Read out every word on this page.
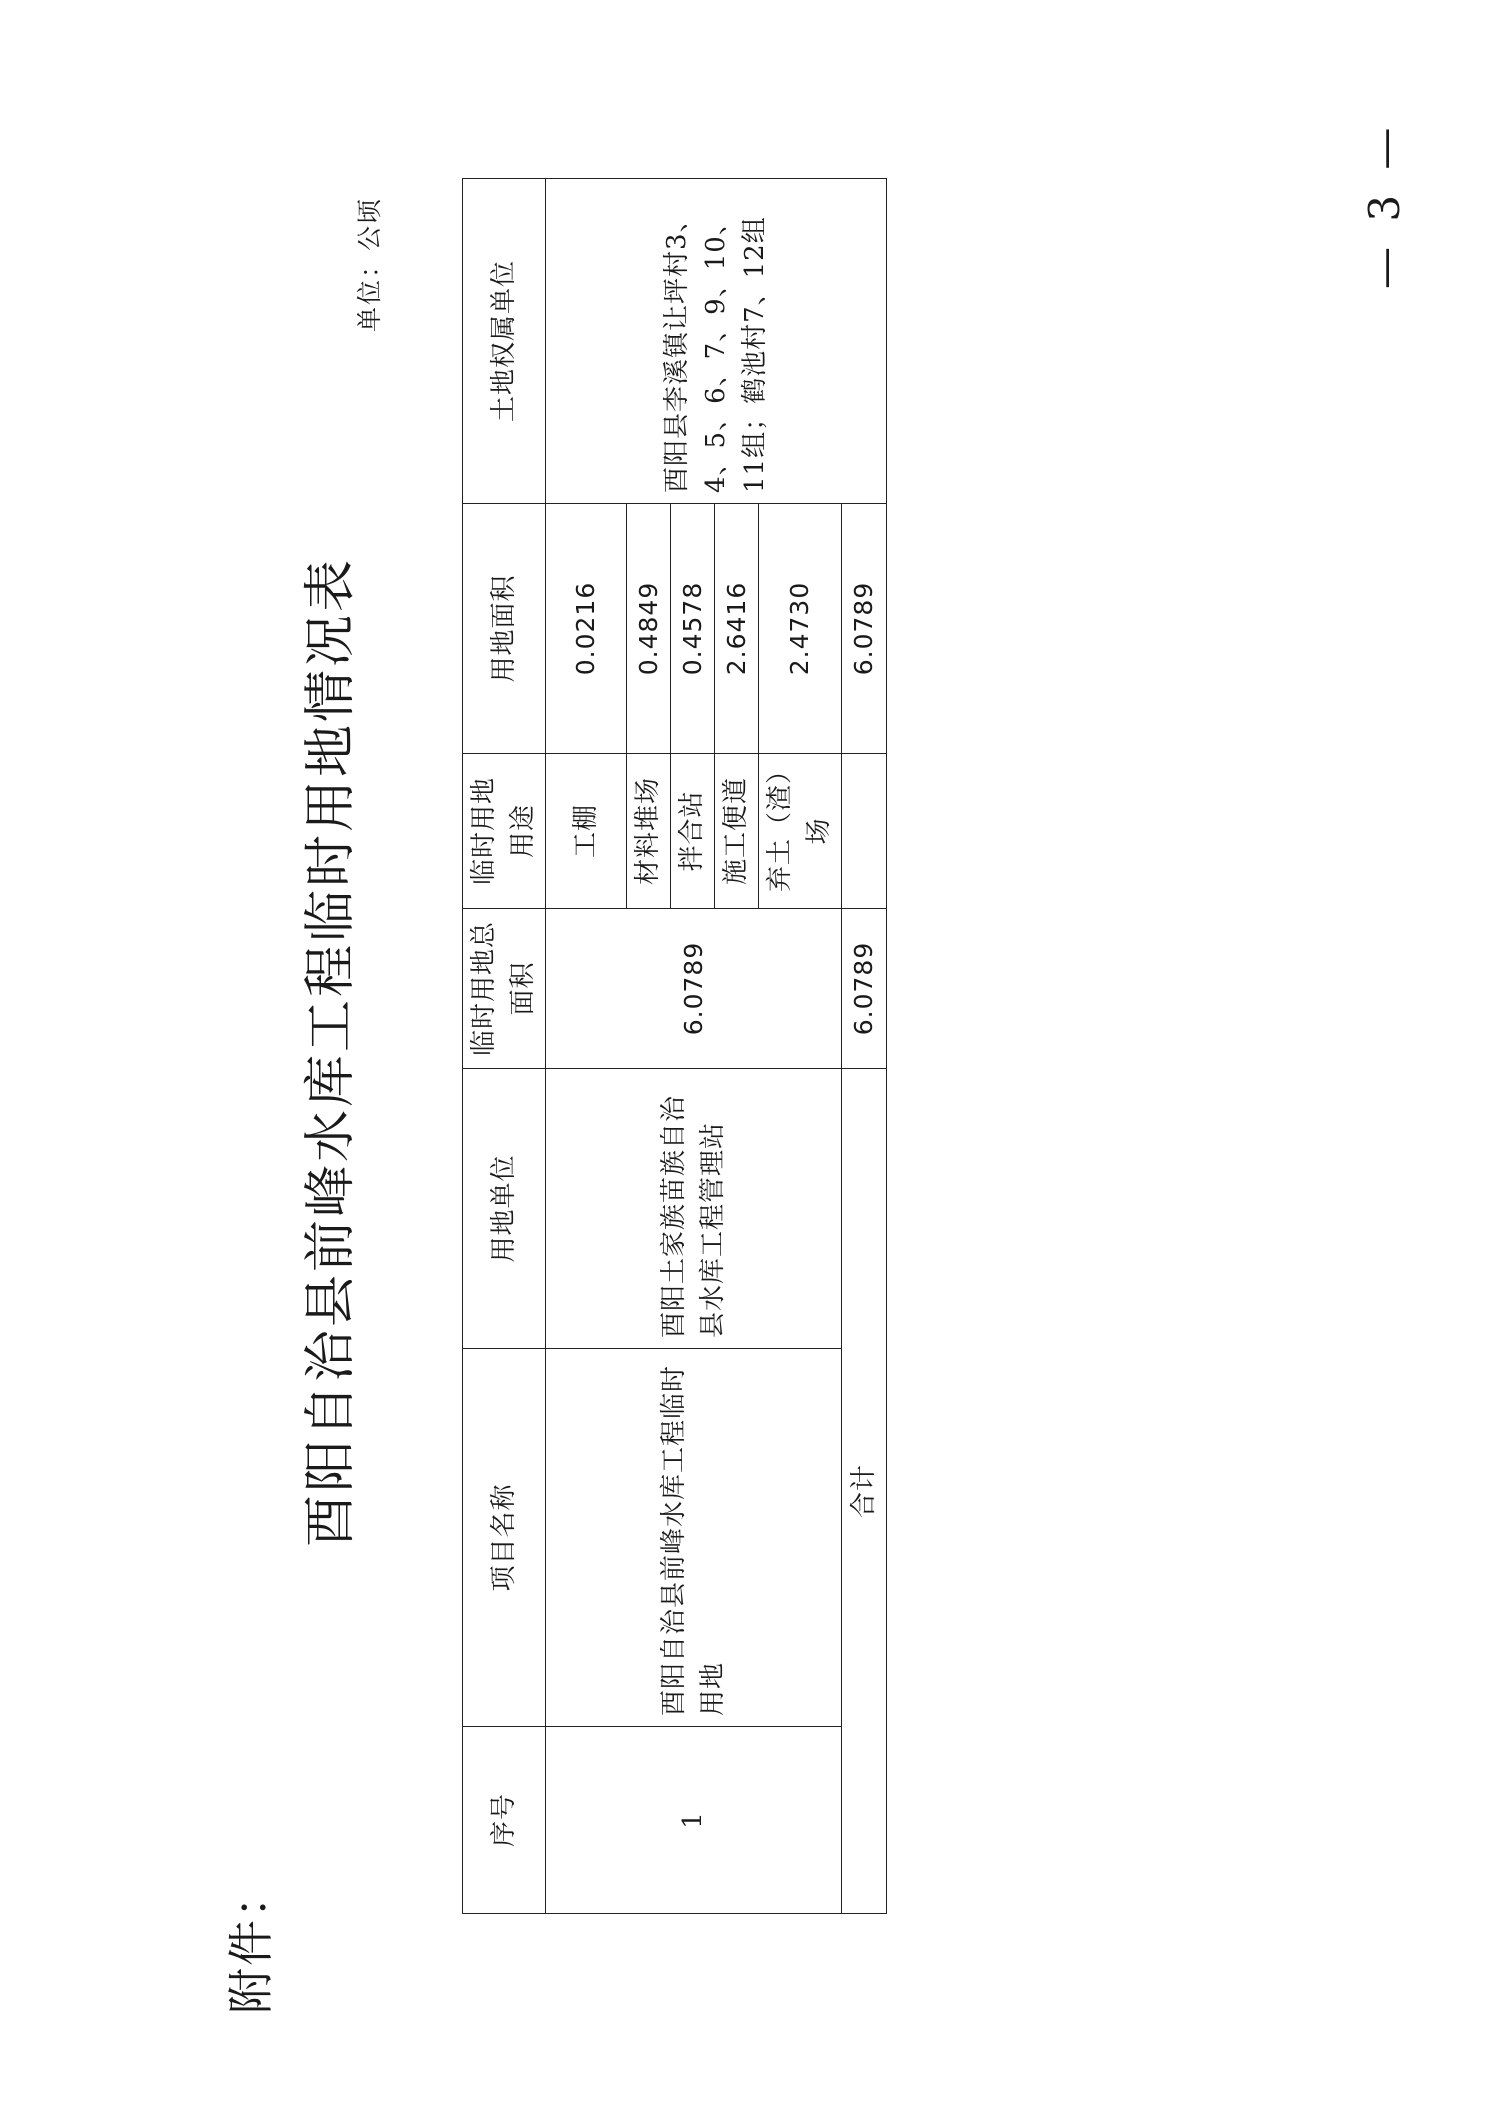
附件：
酉阳自治县前峰水库工程临时用地情况表
单位：公顷	— 3 —
序号	项目名称	用地单位	临时用地总面积	临时用地用途	用地面积	土地权属单位
1	酉阳自治县前峰水库工程临时用地	酉阳土家族苗族自治县水库工程管理站	6.0789	工棚	0.0216	酉阳县李溪镇让坪村3、4、5、6、7、9、10、11组；鹤池村7、12组
				材料堆场	0.4849	
				拌合站	0.4578	
				施工便道	2.6416	
				弃土（渣）场	2.4730	
合计			6.0789		6.0789	
